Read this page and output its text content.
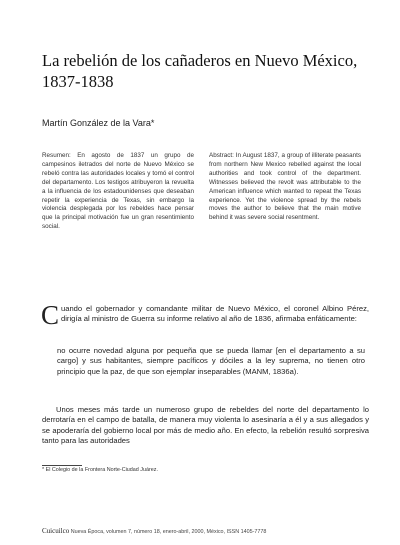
La rebelión de los cañaderos en Nuevo México, 1837-1838
Martín González de la Vara*
Resumen: En agosto de 1837 un grupo de campesinos iletrados del norte de Nuevo México se rebeló contra las autoridades locales y tomó el control del departamento. Los testigos atribuyeron la revuelta a la influencia de los estadounidenses que deseaban repetir la experiencia de Texas, sin embargo la violencia desplegada por los rebeldes hace pensar que la principal motivación fue un gran resentimiento social.
Abstract: In August 1837, a group of illiterate peasants from northern New Mexico rebelled against the local authorities and took control of the department. Witnesses believed the revolt was attributable to the American influence which wanted to repeat the Texas experience. Yet the violence spread by the rebels moves the author to believe that the main motive behind it was severe social resentment.
Cuando el gobernador y comandante militar de Nuevo México, el coronel Albino Pérez, dirigía al ministro de Guerra su informe relativo al año de 1836, afirmaba enfáticamente:
no ocurre novedad alguna por pequeña que se pueda llamar [en el departamento a su cargo] y sus habitantes, siempre pacíficos y dóciles a la ley suprema, no tienen otro principio que la paz, de que son ejemplar inseparables (MANM, 1836a).
Unos meses más tarde un numeroso grupo de rebeldes del norte del departamento lo derrotaría en el campo de batalla, de manera muy violenta lo asesinaría a él y a sus allegados y se apoderaría del gobierno local por más de medio año. En efecto, la rebelión resultó sorpresiva tanto para las autoridades
* El Colegio de la Frontera Norte-Ciudad Juárez.
Cuicuilco Nueva Época, volumen 7, número 18, enero-abril, 2000, México, ISSN 1405-7778
